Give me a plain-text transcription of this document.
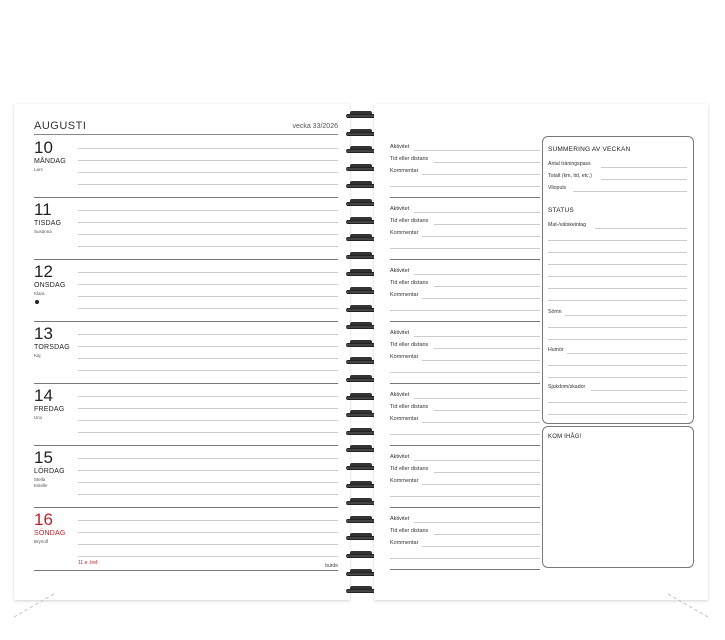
AUGUSTI	vecka 33/2026
10
MÅNDAG
Lars
11
TISDAG
Susanna
12
ONSDAG
Klara
13
TORSDAG
Kaj
14
FREDAG
Uno
15
LÖRDAG
Stella
Estelle
16
SÖNDAG
Brynolf
11 e. tref.	burde
Aktivitet
Tid eller distans
Kommentar
Aktivitet
Tid eller distans
Kommentar
Aktivitet
Tid eller distans
Kommentar
Aktivitet
Tid eller distans
Kommentar
Aktivitet
Tid eller distans
Kommentar
Aktivitet
Tid eller distans
Kommentar
Aktivitet
Tid eller distans
Kommentar
SUMMERING AV VECKAN
Antal träningspass
Totalt (km, tid, etc.)
Vilopuls
STATUS
Mat-/vätskeintag
Sömn
Humör
Sjukdom/skador
KOM IHÅG!
